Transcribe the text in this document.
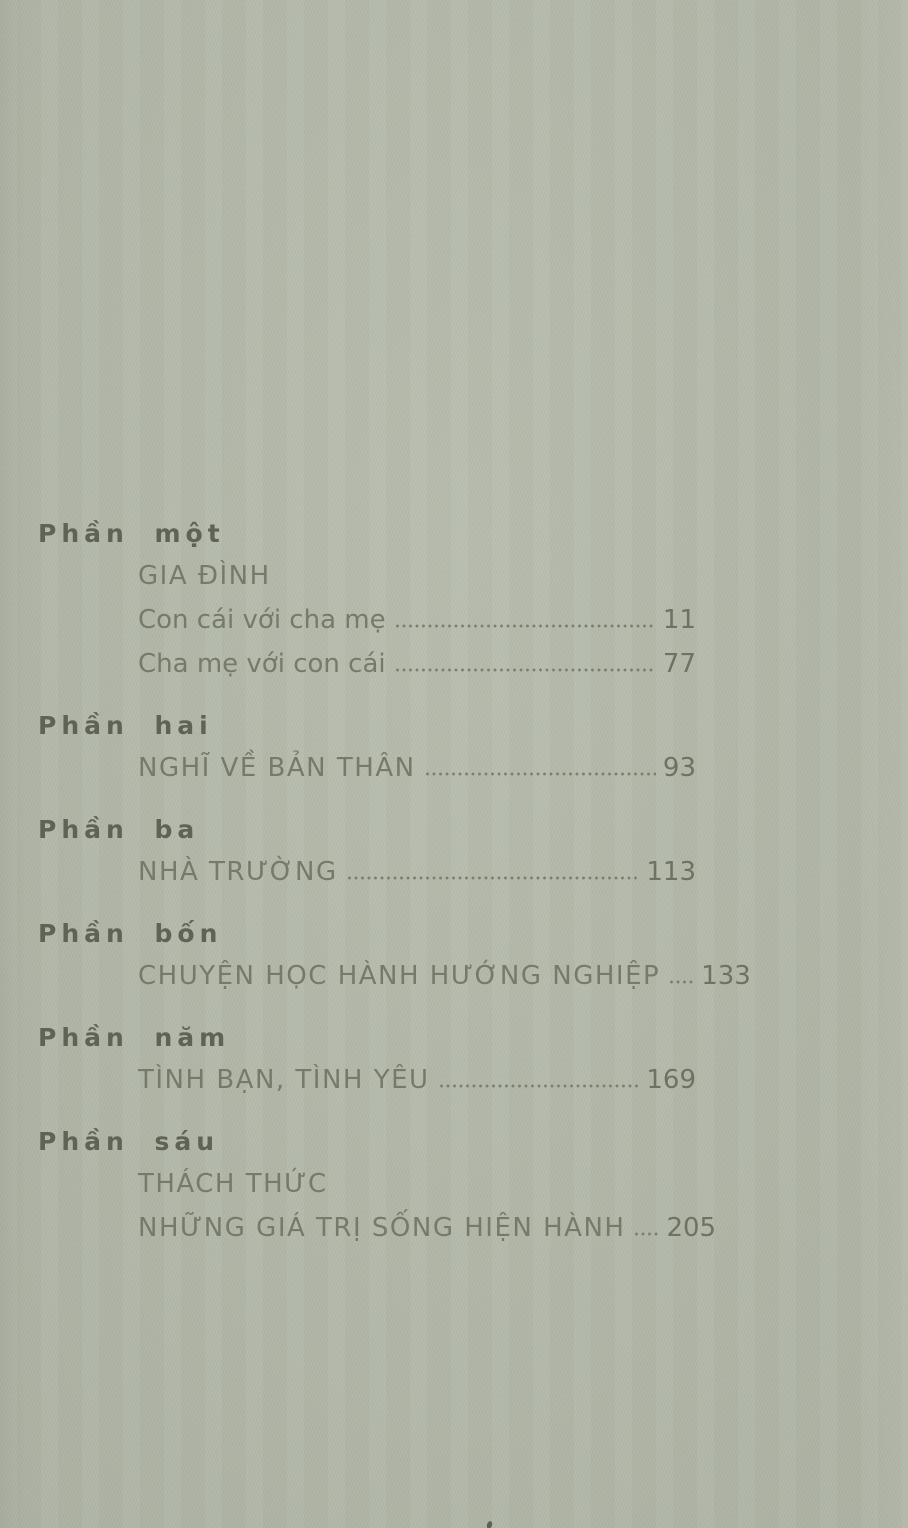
Phần một
GIA ĐÌNH
Con cái với cha mẹ	11
Cha mẹ với con cái	77
Phần hai
NGHĨ VỀ BẢN THÂN	93
Phần ba
NHÀ TRƯỜNG	113
Phần bốn
CHUYỆN HỌC HÀNH HƯỚNG NGHIỆP 133
Phần năm
TÌNH BẠN, TÌNH YÊU	169
Phần sáu
THÁCH THỨC
NHỮNG GIÁ TRỊ SỐNG HIỆN HÀNH 205
